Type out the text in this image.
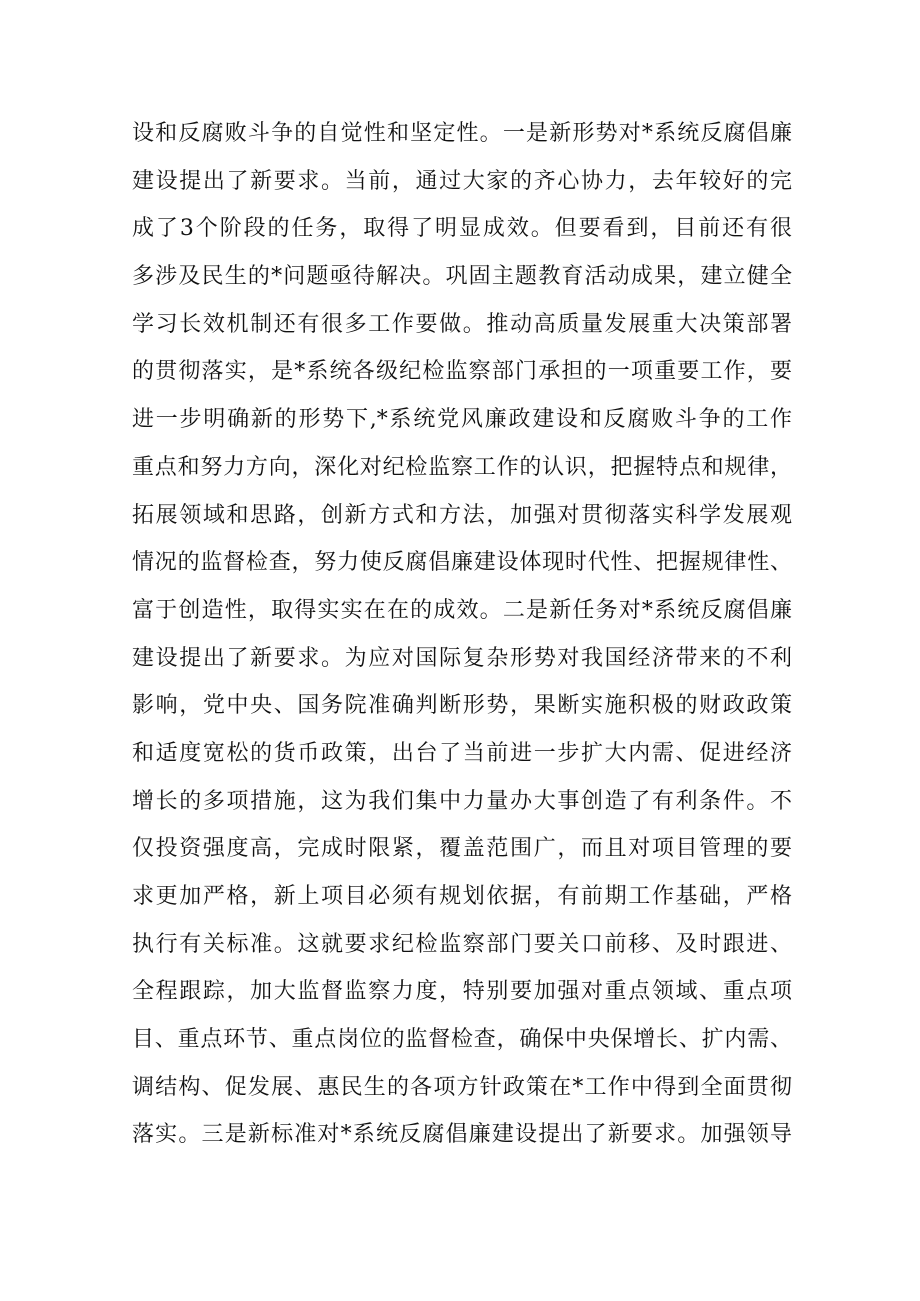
设和反腐败斗争的自觉性和坚定性。一是新形势对*系统反腐倡廉
建设提出了新要求。当前，通过大家的齐心协力，去年较好的完
成了3个阶段的任务，取得了明显成效。但要看到，目前还有很
多涉及民生的*问题亟待解决。巩固主题教育活动成果，建立健全
学习长效机制还有很多工作要做。推动高质量发展重大决策部署
的贯彻落实，是*系统各级纪检监察部门承担的一项重要工作，要
进一步明确新的形势下,*系统党风廉政建设和反腐败斗争的工作
重点和努力方向，深化对纪检监察工作的认识，把握特点和规律，
拓展领域和思路，创新方式和方法，加强对贯彻落实科学发展观
情况的监督检查，努力使反腐倡廉建设体现时代性、把握规律性、
富于创造性，取得实实在在的成效。二是新任务对*系统反腐倡廉
建设提出了新要求。为应对国际复杂形势对我国经济带来的不利
影响，党中央、国务院准确判断形势，果断实施积极的财政政策
和适度宽松的货币政策，出台了当前进一步扩大内需、促进经济
增长的多项措施，这为我们集中力量办大事创造了有利条件。不
仅投资强度高，完成时限紧，覆盖范围广，而且对项目管理的要
求更加严格，新上项目必须有规划依据，有前期工作基础，严格
执行有关标准。这就要求纪检监察部门要关口前移、及时跟进、
全程跟踪，加大监督监察力度，特别要加强对重点领域、重点项
目、重点环节、重点岗位的监督检查，确保中央保增长、扩内需、
调结构、促发展、惠民生的各项方针政策在*工作中得到全面贯彻
落实。三是新标准对*系统反腐倡廉建设提出了新要求。加强领导
